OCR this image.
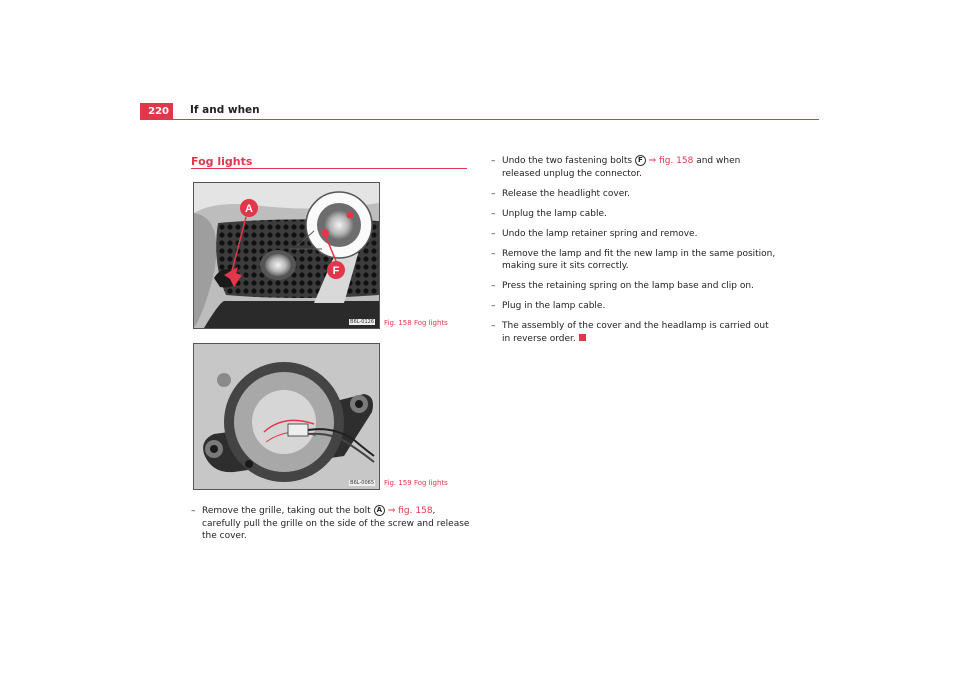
220	If and when
Fog lights
A
F
B6L-0126 Fig. 158 Fog lights
B6L-0065 Fig. 159 Fog lights
– Remove the grille, taking out the bolt A ⇒ fig. 158, carefully pull the grille on the side of the screw and release the cover.
– Undo the two fastening bolts F ⇒ fig. 158 and when released unplug the connector.
– Release the headlight cover.
– Unplug the lamp cable.
– Undo the lamp retainer spring and remove.
– Remove the lamp and fit the new lamp in the same position, making sure it sits correctly.
– Press the retaining spring on the lamp base and clip on.
– Plug in the lamp cable.
– The assembly of the cover and the headlamp is carried out in reverse order.
